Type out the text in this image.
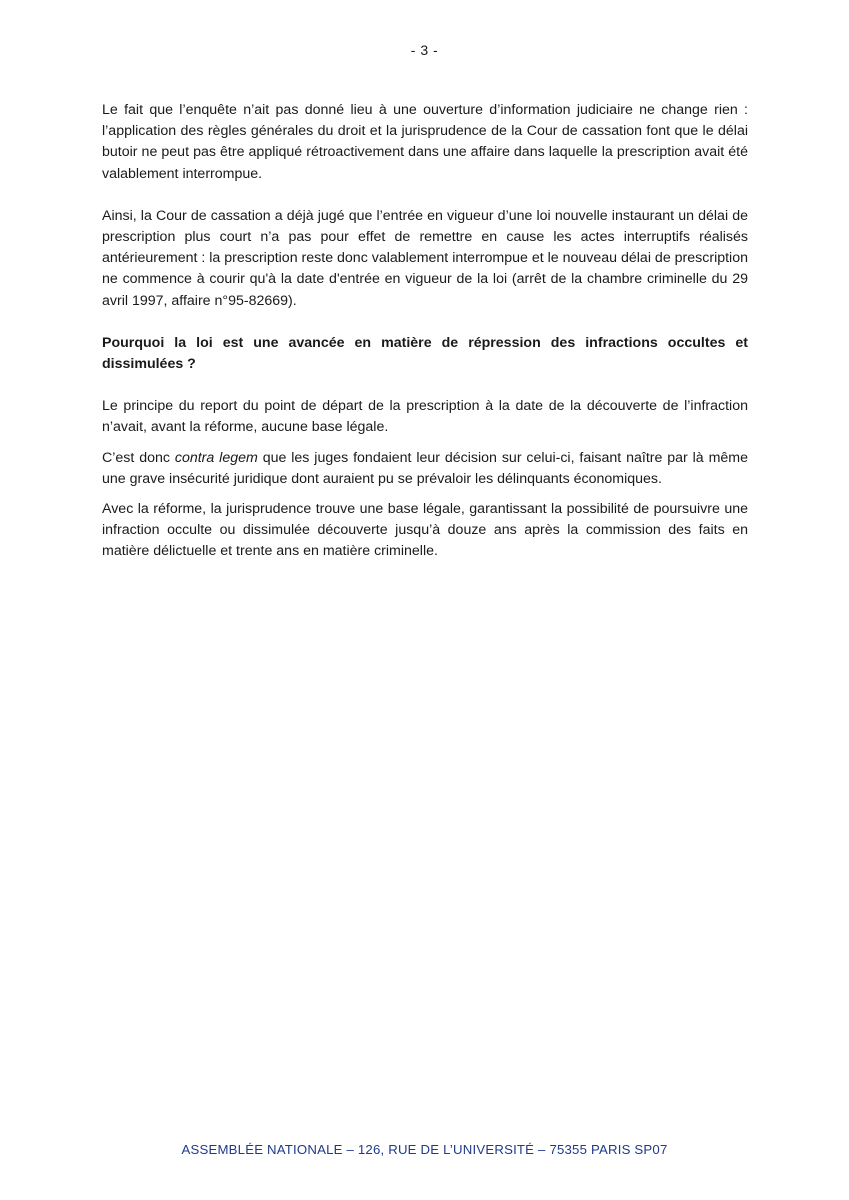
- 3 -

Le fait que l’enquête n’ait pas donné lieu à une ouverture d’information judiciaire ne change rien : l’application des règles générales du droit et la jurisprudence de la Cour de cassation font que le délai butoir ne peut pas être appliqué rétroactivement dans une affaire dans laquelle la prescription avait été valablement interrompue.

Ainsi, la Cour de cassation a déjà jugé que l’entrée en vigueur d’une loi nouvelle instaurant un délai de prescription plus court n’a pas pour effet de remettre en cause les actes interruptifs réalisés antérieurement : la prescription reste donc valablement interrompue et le nouveau délai de prescription ne commence à courir qu'à la date d'entrée en vigueur de la loi (arrêt de la chambre criminelle du 29 avril 1997, affaire n°95-82669).

Pourquoi la loi est une avancée en matière de répression des infractions occultes et dissimulées ?

Le principe du report du point de départ de la prescription à la date de la découverte de l’infraction n’avait, avant la réforme, aucune base légale.

C’est donc contra legem que les juges fondaient leur décision sur celui-ci, faisant naître par là même une grave insécurité juridique dont auraient pu se prévaloir les délinquants économiques.

Avec la réforme, la jurisprudence trouve une base légale, garantissant la possibilité de poursuivre une infraction occulte ou dissimulée découverte jusqu’à douze ans après la commission des faits en matière délictuelle et trente ans en matière criminelle.

ASSEMBLÉE NATIONALE – 126, RUE DE L’UNIVERSITÉ – 75355 PARIS SP07
